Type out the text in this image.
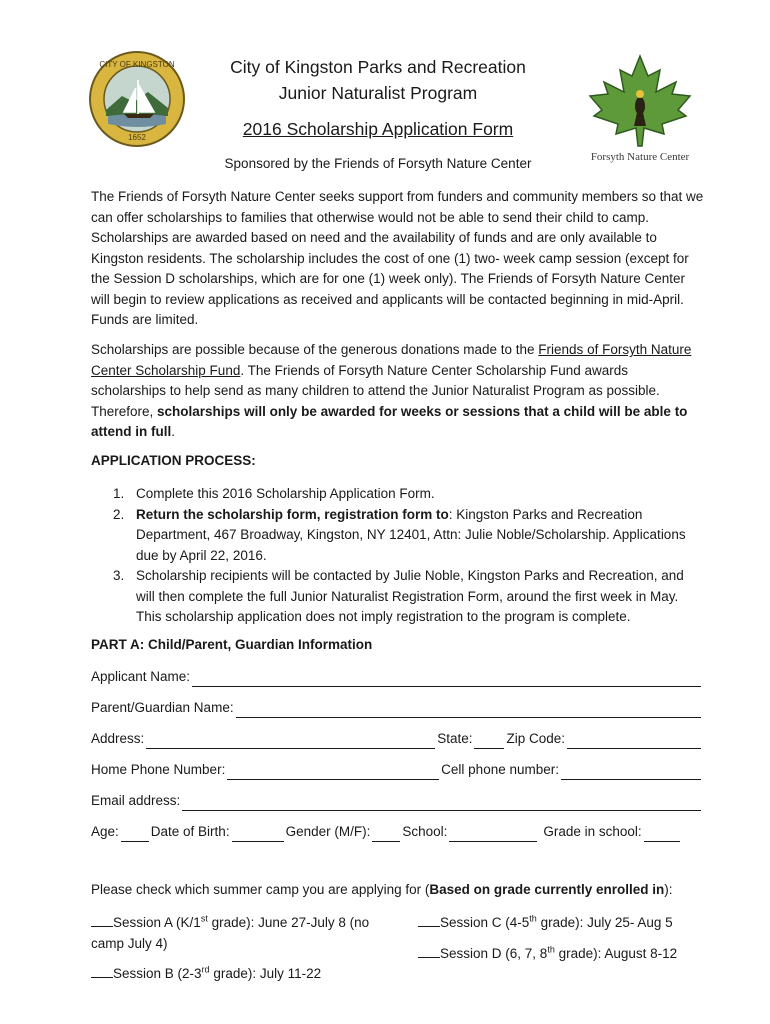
CITY OF KINGSTON
1652
Forsyth Nature Center
City of Kingston Parks and Recreation
Junior Naturalist Program
2016 Scholarship Application Form
Sponsored by the Friends of Forsyth Nature Center
The Friends of Forsyth Nature Center seeks support from funders and community members so that we can offer scholarships to families that otherwise would not be able to send their child to camp. Scholarships are awarded based on need and the availability of funds and are only available to Kingston residents. The scholarship includes the cost of one (1) two- week camp session (except for the Session D scholarships, which are for one (1) week only). The Friends of Forsyth Nature Center will begin to review applications as received and applicants will be contacted beginning in mid-April. Funds are limited.
Scholarships are possible because of the generous donations made to the Friends of Forsyth Nature Center Scholarship Fund. The Friends of Forsyth Nature Center Scholarship Fund awards scholarships to help send as many children to attend the Junior Naturalist Program as possible. Therefore, scholarships will only be awarded for weeks or sessions that a child will be able to attend in full.
APPLICATION PROCESS:
1. Complete this 2016 Scholarship Application Form.
2. Return the scholarship form, registration form to: Kingston Parks and Recreation Department, 467 Broadway, Kingston, NY 12401, Attn: Julie Noble/Scholarship. Applications due by April 22, 2016.
3. Scholarship recipients will be contacted by Julie Noble, Kingston Parks and Recreation, and will then complete the full Junior Naturalist Registration Form, around the first week in May. This scholarship application does not imply registration to the program is complete.
PART A: Child/Parent, Guardian Information
Applicant Name:
Parent/Guardian Name:
Address:	State:	Zip Code:
Home Phone Number:	Cell phone number:
Email address:
Age: Date of Birth:	Gender (M/F): School:	Grade in school:
Please check which summer camp you are applying for (Based on grade currently enrolled in):
Session A (K/1st grade): June 27-July 8 (no camp July 4)
Session B (2-3rd grade): July 11-22
Session C (4-5th grade): July 25- Aug 5
Session D (6, 7, 8th grade): August 8-12
